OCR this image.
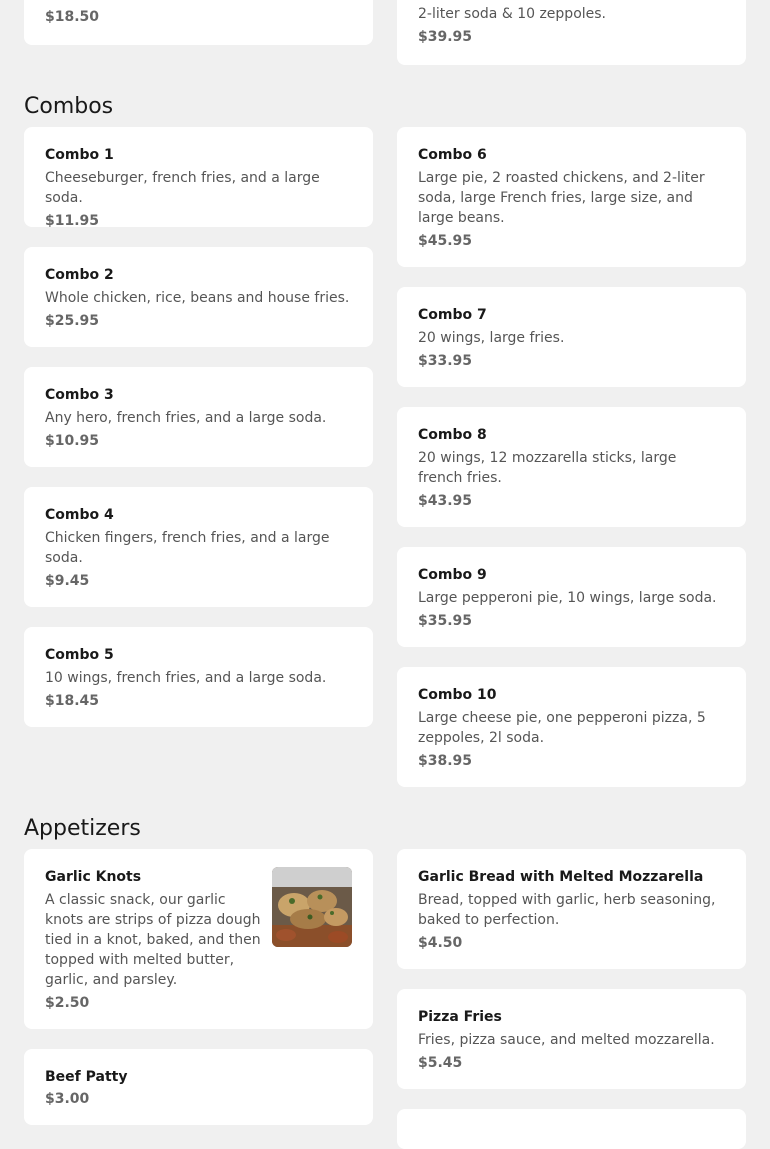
$18.50	2-liter soda & 10 zeppoles.
$39.95
Combos
Combo 1
Cheeseburger, french fries, and a large soda.
$11.95
Combo 2
Whole chicken, rice, beans and house fries.
$25.95
Combo 3
Any hero, french fries, and a large soda.
$10.95
Combo 4
Chicken fingers, french fries, and a large soda.
$9.45
Combo 5
10 wings, french fries, and a large soda.
$18.45
Combo 6
Large pie, 2 roasted chickens, and 2-liter soda, large French fries, large size, and large beans.
$45.95
Combo 7
20 wings, large fries.
$33.95
Combo 8
20 wings, 12 mozzarella sticks, large french fries.
$43.95
Combo 9
Large pepperoni pie, 10 wings, large soda.
$35.95
Combo 10
Large cheese pie, one pepperoni pizza, 5 zeppoles, 2l soda.
$38.95
Appetizers
Garlic Knots
A classic snack, our garlic knots are strips of pizza dough tied in a knot, baked, and then topped with melted butter, garlic, and parsley.
$2.50
Beef Patty
$3.00
Garlic Bread with Melted Mozzarella
Bread, topped with garlic, herb seasoning, baked to perfection.
$4.50
Pizza Fries
Fries, pizza sauce, and melted mozzarella.
$5.45
